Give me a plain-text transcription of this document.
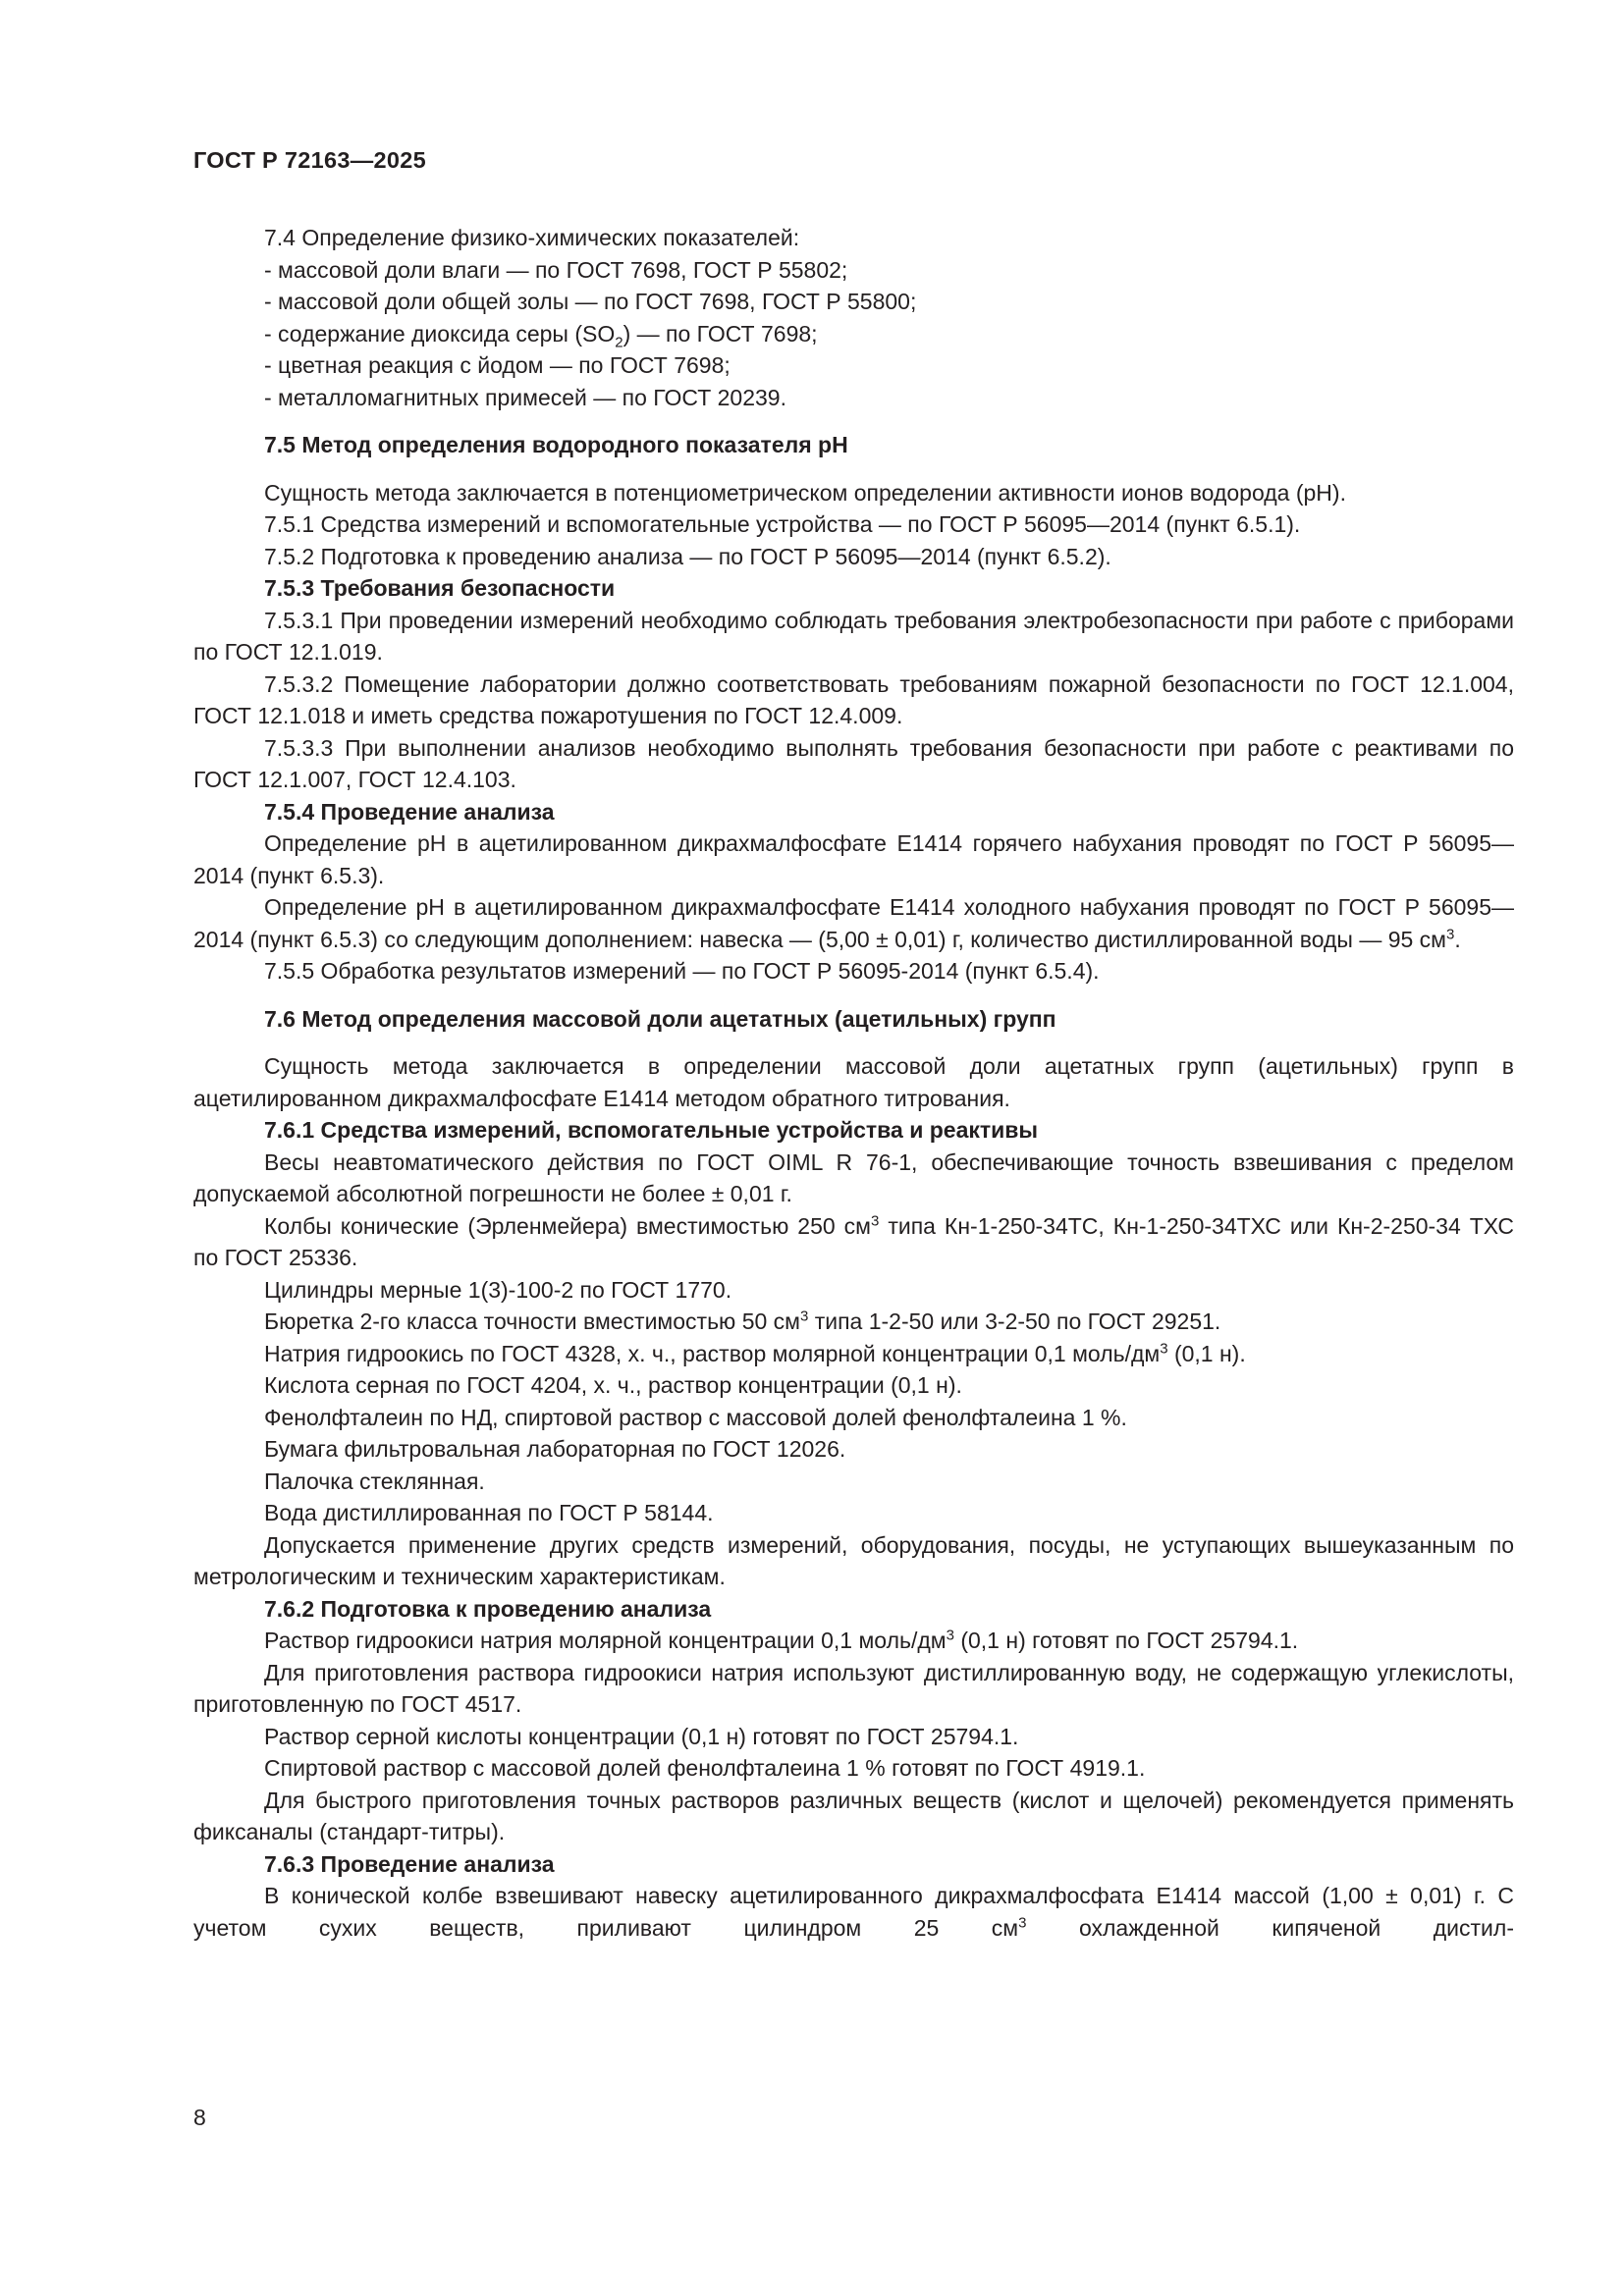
ГОСТ Р 72163—2025

7.4 Определение физико-химических показателей:

- массовой доли влаги — по ГОСТ 7698, ГОСТ Р 55802;

- массовой доли общей золы — по ГОСТ 7698, ГОСТ Р 55800;

- содержание диоксида серы $(SO_2)$ — по ГОСТ 7698;

- цветная реакция с йодом — по ГОСТ 7698;

- металломагнитных примесей — по ГОСТ 20239.

7.5 Метод определения водородного показателя pH

Сущность метода заключается в потенциометрическом определении активности ионов водорода (pH).

7.5.1 Средства измерений и вспомогательные устройства — по ГОСТ Р 56095—2014 (пункт 6.5.1).

7.5.2 Подготовка к проведению анализа — по ГОСТ Р 56095—2014 (пункт 6.5.2).

7.5.3 Требования безопасности

7.5.3.1 При проведении измерений необходимо соблюдать требования электробезопасности при работе с приборами по ГОСТ 12.1.019.

7.5.3.2 Помещение лаборатории должно соответствовать требованиям пожарной безопасности по ГОСТ 12.1.004, ГОСТ 12.1.018 и иметь средства пожаротушения по ГОСТ 12.4.009.

7.5.3.3 При выполнении анализов необходимо выполнять требования безопасности при работе с реактивами по ГОСТ 12.1.007, ГОСТ 12.4.103.

7.5.4 Проведение анализа

Определение pH в ацетилированном дикрахмалфосфате E1414 горячего набухания проводят по ГОСТ Р 56095—2014 (пункт 6.5.3).

Определение pH в ацетилированном дикрахмалфосфате E1414 холодного набухания проводят по ГОСТ Р 56095—2014 (пункт 6.5.3) со следующим дополнением: навеска — (5,00 ± 0,01) г, количество дистиллированной воды — 95 $см^3$.

7.5.5 Обработка результатов измерений — по ГОСТ Р 56095-2014 (пункт 6.5.4).

7.6 Метод определения массовой доли ацетатных (ацетильных) групп

Сущность метода заключается в определении массовой доли ацетатных групп (ацетильных) групп в ацетилированном дикрахмалфосфате E1414 методом обратного титрования.

7.6.1 Средства измерений, вспомогательные устройства и реактивы

Весы неавтоматического действия по ГОСТ OIML R 76-1, обеспечивающие точность взвешивания с пределом допускаемой абсолютной погрешности не более ± 0,01 г.

Колбы конические (Эрленмейера) вместимостью 250 $см^3$ типа Кн-1-250-34ТС, Кн-1-250-34ТХС или Кн-2-250-34 ТХС по ГОСТ 25336.

Цилиндры мерные 1(3)-100-2 по ГОСТ 1770.

Бюретка 2-го класса точности вместимостью 50 $см^3$ типа 1-2-50 или 3-2-50 по ГОСТ 29251.

Натрия гидроокись по ГОСТ 4328, х. ч., раствор молярной концентрации 0,1 моль/$дм^3$ (0,1 н).

Кислота серная по ГОСТ 4204, х. ч., раствор концентрации (0,1 н).

Фенолфталеин по НД, спиртовой раствор с массовой долей фенолфталеина 1 %.

Бумага фильтровальная лабораторная по ГОСТ 12026.

Палочка стеклянная.

Вода дистиллированная по ГОСТ Р 58144.

Допускается применение других средств измерений, оборудования, посуды, не уступающих вышеуказанным по метрологическим и техническим характеристикам.

7.6.2 Подготовка к проведению анализа

Раствор гидроокиси натрия молярной концентрации 0,1 моль/$дм^3$ (0,1 н) готовят по ГОСТ 25794.1.

Для приготовления раствора гидроокиси натрия используют дистиллированную воду, не содержащую углекислоты, приготовленную по ГОСТ 4517.

Раствор серной кислоты концентрации (0,1 н) готовят по ГОСТ 25794.1.

Спиртовой раствор с массовой долей фенолфталеина 1 % готовят по ГОСТ 4919.1.

Для быстрого приготовления точных растворов различных веществ (кислот и щелочей) рекомендуется применять фиксаналы (стандарт-титры).

7.6.3 Проведение анализа

В конической колбе взвешивают навеску ацетилированного дикрахмалфосфата E1414 массой (1,00 ± 0,01) г. С учетом сухих веществ, приливают цилиндром 25 $см^3$ охлажденной кипяченой дистил-

8
